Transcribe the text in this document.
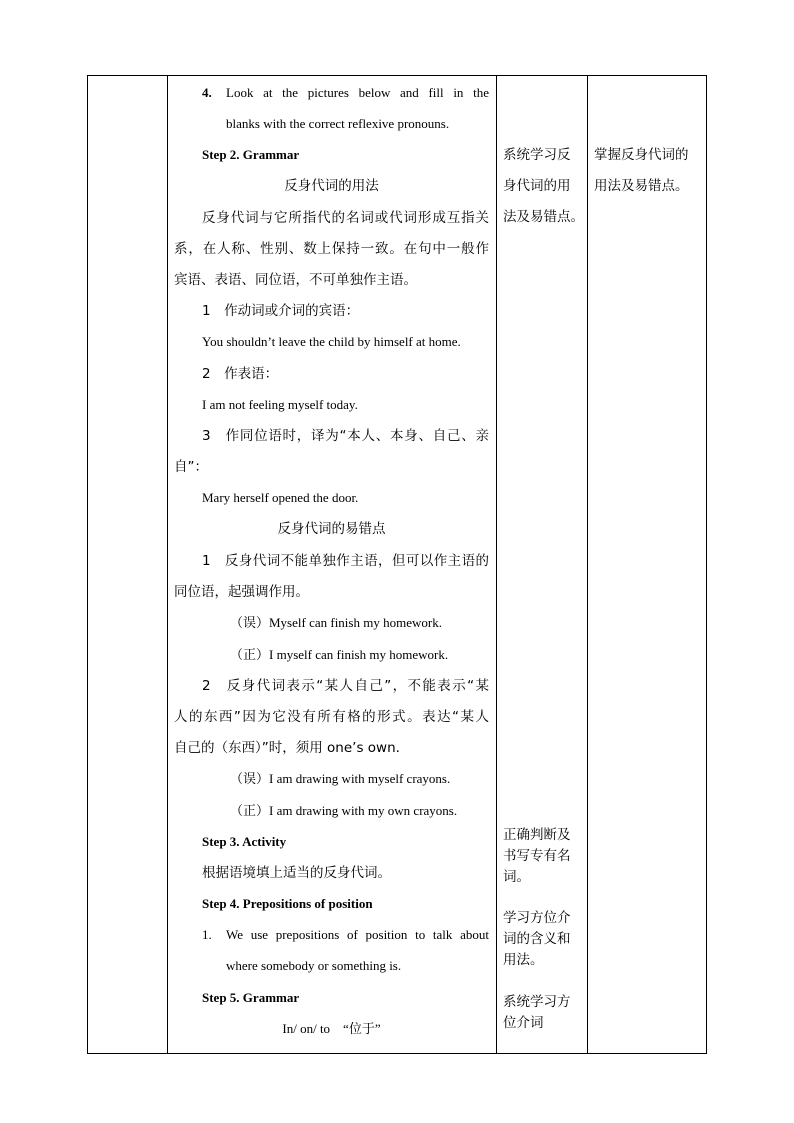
4. Look at the pictures below and fill in the
blanks with the correct reflexive pronouns.
Step 2. Grammar
反身代词的用法
反身代词与它所指代的名词或代词形成互指关
系，在人称、性别、数上保持一致。在句中一般作
宾语、表语、同位语，不可单独作主语。
1　作动词或介词的宾语：
You shouldn’t leave the child by himself at home.
2　作表语：
I am not feeling myself today.
3　作同位语时，译为“本人、本身、自己、亲
自”：
Mary herself opened the door.
反身代词的易错点
1　反身代词不能单独作主语，但可以作主语的
同位语，起强调作用。
（误）Myself can finish my homework.
（正）I myself can finish my homework.
2　反身代词表示“某人自己”，不能表示“某
人的东西”因为它没有所有格的形式。表达“某人
自己的（东西）”时，须用 one’s own.
（误）I am drawing with myself crayons.
（正）I am drawing with my own crayons.
Step 3. Activity
根据语境填上适当的反身代词。
Step 4. Prepositions of position
1. We use prepositions of position to talk about
where somebody or something is.
Step 5. Grammar
In/ on/ to　“位于”
系统学习反
身代词的用
法及易错点。
正确判断及
书写专有名
词。
学习方位介
词的含义和
用法。
系统学习方
位介词
掌握反身代词的
用法及易错点。
